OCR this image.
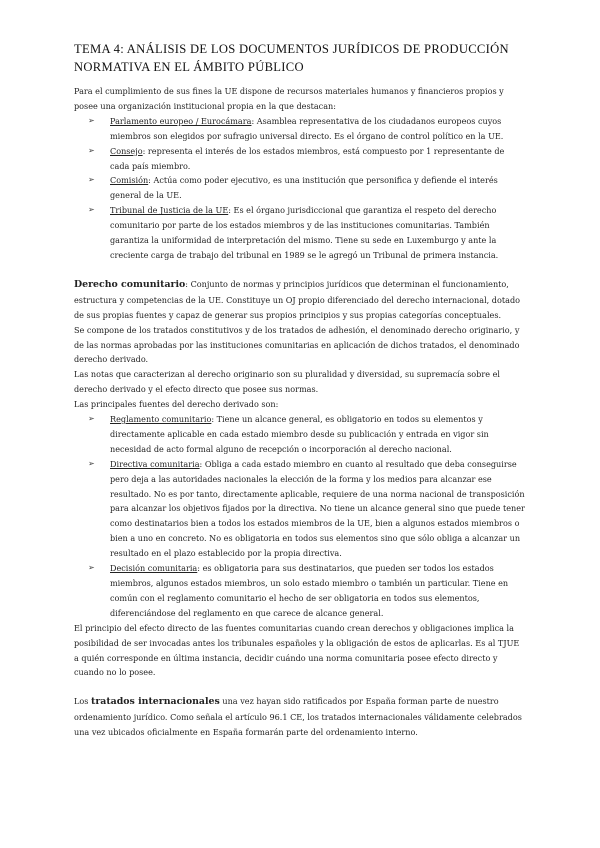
TEMA 4: ANÁLISIS DE LOS DOCUMENTOS JURÍDICOS DE PRODUCCIÓN NORMATIVA EN EL ÁMBITO PÚBLICO

Para el cumplimiento de sus fines la UE dispone de recursos materiales humanos y financieros propios y posee una organización institucional propia en la que destacan:

➢ Parlamento europeo / Eurocámara: Asamblea representativa de los ciudadanos europeos cuyos miembros son elegidos por sufragio universal directo. Es el órgano de control político en la UE.
➢ Consejo: representa el interés de los estados miembros, está compuesto por 1 representante de cada país miembro.
➢ Comisión: Actúa como poder ejecutivo, es una institución que personifica y defiende el interés general de la UE.
➢ Tribunal de Justicia de la UE: Es el órgano jurisdiccional que garantiza el respeto del derecho comunitario por parte de los estados miembros y de las instituciones comunitarias. También garantiza la uniformidad de interpretación del mismo. Tiene su sede en Luxemburgo y ante la creciente carga de trabajo del tribunal en 1989 se le agregó un Tribunal de primera instancia.

Derecho comunitario: Conjunto de normas y principios jurídicos que determinan el funcionamiento, estructura y competencias de la UE. Constituye un OJ propio diferenciado del derecho internacional, dotado de sus propias fuentes y capaz de generar sus propios principios y sus propias categorías conceptuales.

Se compone de los tratados constitutivos y de los tratados de adhesión, el denominado derecho originario, y de las normas aprobadas por las instituciones comunitarias en aplicación de dichos tratados, el denominado derecho derivado.

Las notas que caracterizan al derecho originario son su pluralidad y diversidad, su supremacía sobre el derecho derivado y el efecto directo que posee sus normas.

Las principales fuentes del derecho derivado son:

➢ Reglamento comunitario: Tiene un alcance general, es obligatorio en todos su elementos y directamente aplicable en cada estado miembro desde su publicación y entrada en vigor sin necesidad de acto formal alguno de recepción o incorporación al derecho nacional.
➢ Directiva comunitaria: Obliga a cada estado miembro en cuanto al resultado que deba conseguirse pero deja a las autoridades nacionales la elección de la forma y los medios para alcanzar ese resultado. No es por tanto, directamente aplicable, requiere de una norma nacional de transposición para alcanzar los objetivos fijados por la directiva. No tiene un alcance general sino que puede tener como destinatarios bien a todos los estados miembros de la UE, bien a algunos estados miembros o bien a uno en concreto. No es obligatoria en todos sus elementos sino que sólo obliga a alcanzar un resultado en el plazo establecido por la propia directiva.
➢ Decisión comunitaria: es obligatoria para sus destinatarios, que pueden ser todos los estados miembros, algunos estados miembros, un solo estado miembro o también un particular. Tiene en común con el reglamento comunitario el hecho de ser obligatoria en todos sus elementos, diferenciándose del reglamento en que carece de alcance general.

El principio del efecto directo de las fuentes comunitarias cuando crean derechos y obligaciones implica la posibilidad de ser invocadas antes los tribunales españoles y la obligación de estos de aplicarlas. Es al TJUE a quién corresponde en última instancia, decidir cuándo una norma comunitaria posee efecto directo y cuando no lo posee.

Los tratados internacionales una vez hayan sido ratificados por España forman parte de nuestro ordenamiento jurídico. Como señala el artículo 96.1 CE, los tratados internacionales válidamente celebrados una vez ubicados oficialmente en España formarán parte del ordenamiento interno.
